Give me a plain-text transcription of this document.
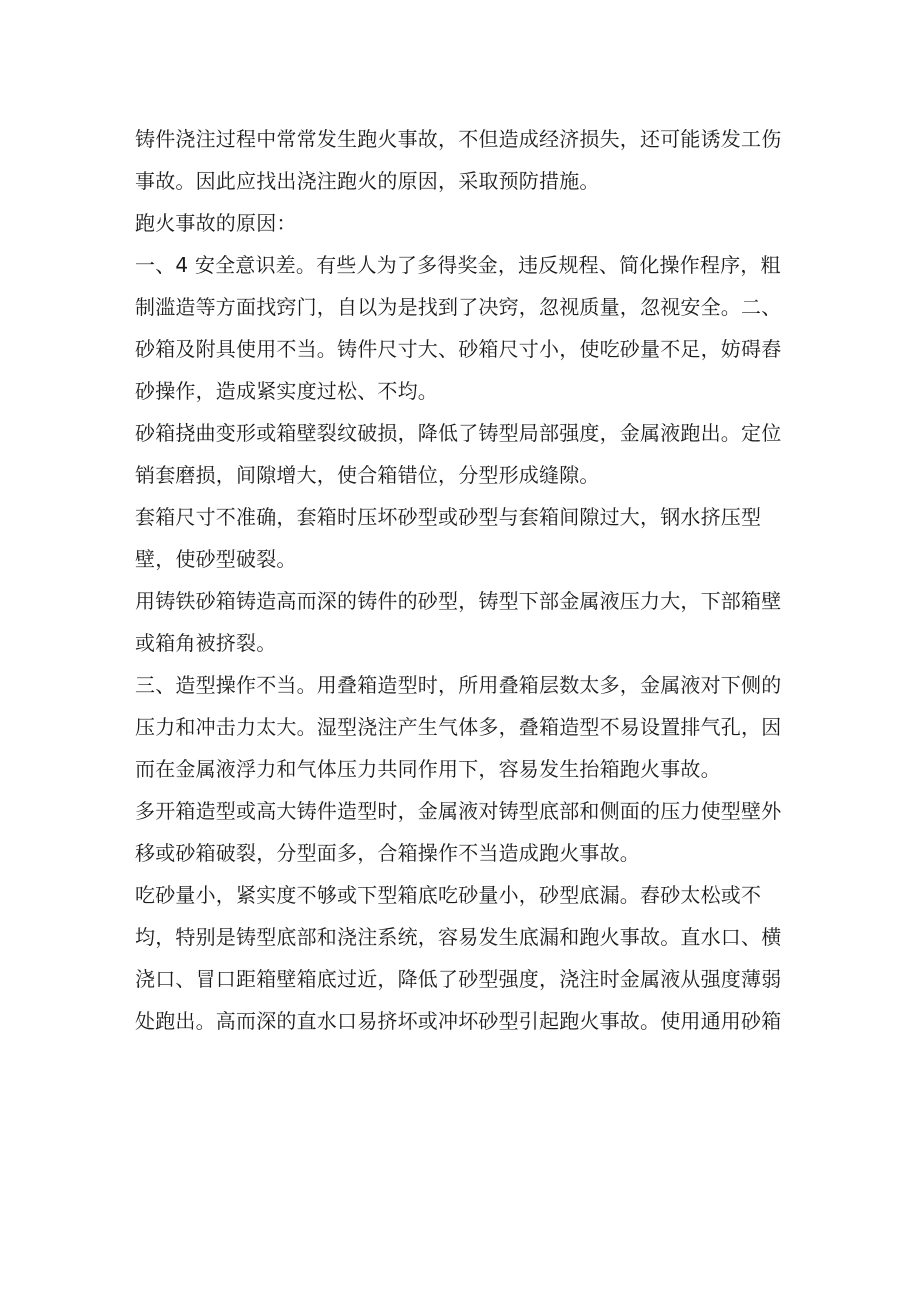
铸件浇注过程中常常发生跑火事故，不但造成经济损失，还可能诱发工伤
事故。因此应找出浇注跑火的原因，采取预防措施。
跑火事故的原因：
一、4 安全意识差。有些人为了多得奖金，违反规程、简化操作程序，粗
制滥造等方面找窍门，自以为是找到了决窍，忽视质量，忽视安全。二、
砂箱及附具使用不当。铸件尺寸大、砂箱尺寸小，使吃砂量不足，妨碍舂
砂操作，造成紧实度过松、不均。
砂箱挠曲变形或箱壁裂纹破损，降低了铸型局部强度，金属液跑出。定位
销套磨损，间隙增大，使合箱错位，分型形成缝隙。
套箱尺寸不准确，套箱时压坏砂型或砂型与套箱间隙过大，钢水挤压型
壁，使砂型破裂。
用铸铁砂箱铸造高而深的铸件的砂型，铸型下部金属液压力大，下部箱壁
或箱角被挤裂。
三、造型操作不当。用叠箱造型时，所用叠箱层数太多，金属液对下侧的
压力和冲击力太大。湿型浇注产生气体多，叠箱造型不易设置排气孔，因
而在金属液浮力和气体压力共同作用下，容易发生抬箱跑火事故。
多开箱造型或高大铸件造型时，金属液对铸型底部和侧面的压力使型壁外
移或砂箱破裂，分型面多，合箱操作不当造成跑火事故。
吃砂量小，紧实度不够或下型箱底吃砂量小，砂型底漏。舂砂太松或不
均，特别是铸型底部和浇注系统，容易发生底漏和跑火事故。直水口、横
浇口、冒口距箱壁箱底过近，降低了砂型强度，浇注时金属液从强度薄弱
处跑出。高而深的直水口易挤坏或冲坏砂型引起跑火事故。使用通用砂箱
